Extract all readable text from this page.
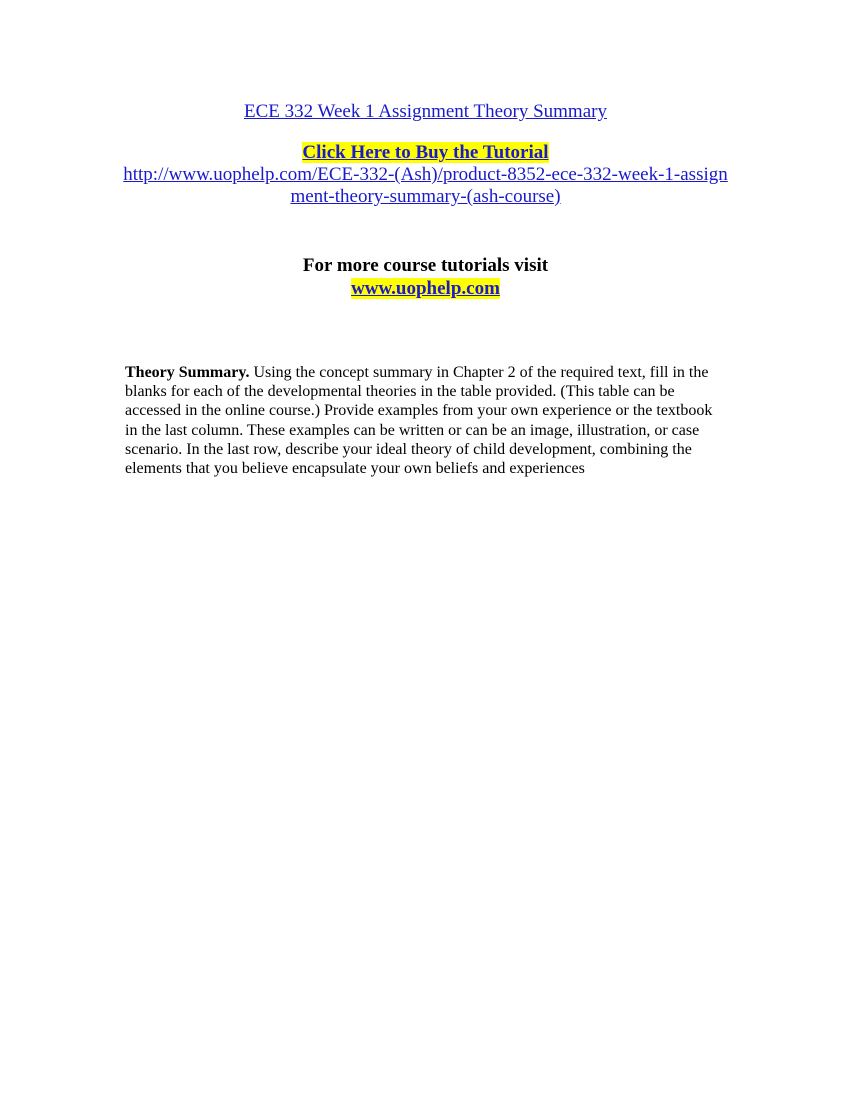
ECE 332 Week 1 Assignment Theory Summary
Click Here to Buy the Tutorial
http://www.uophelp.com/ECE-332-(Ash)/product-8352-ece-332-week-1-assignment-theory-summary-(ash-course)
For more course tutorials visit
www.uophelp.com
Theory Summary. Using the concept summary in Chapter 2 of the required text, fill in the blanks for each of the developmental theories in the table provided. (This table can be accessed in the online course.) Provide examples from your own experience or the textbook in the last column. These examples can be written or can be an image, illustration, or case scenario. In the last row, describe your ideal theory of child development, combining the elements that you believe encapsulate your own beliefs and experiences
